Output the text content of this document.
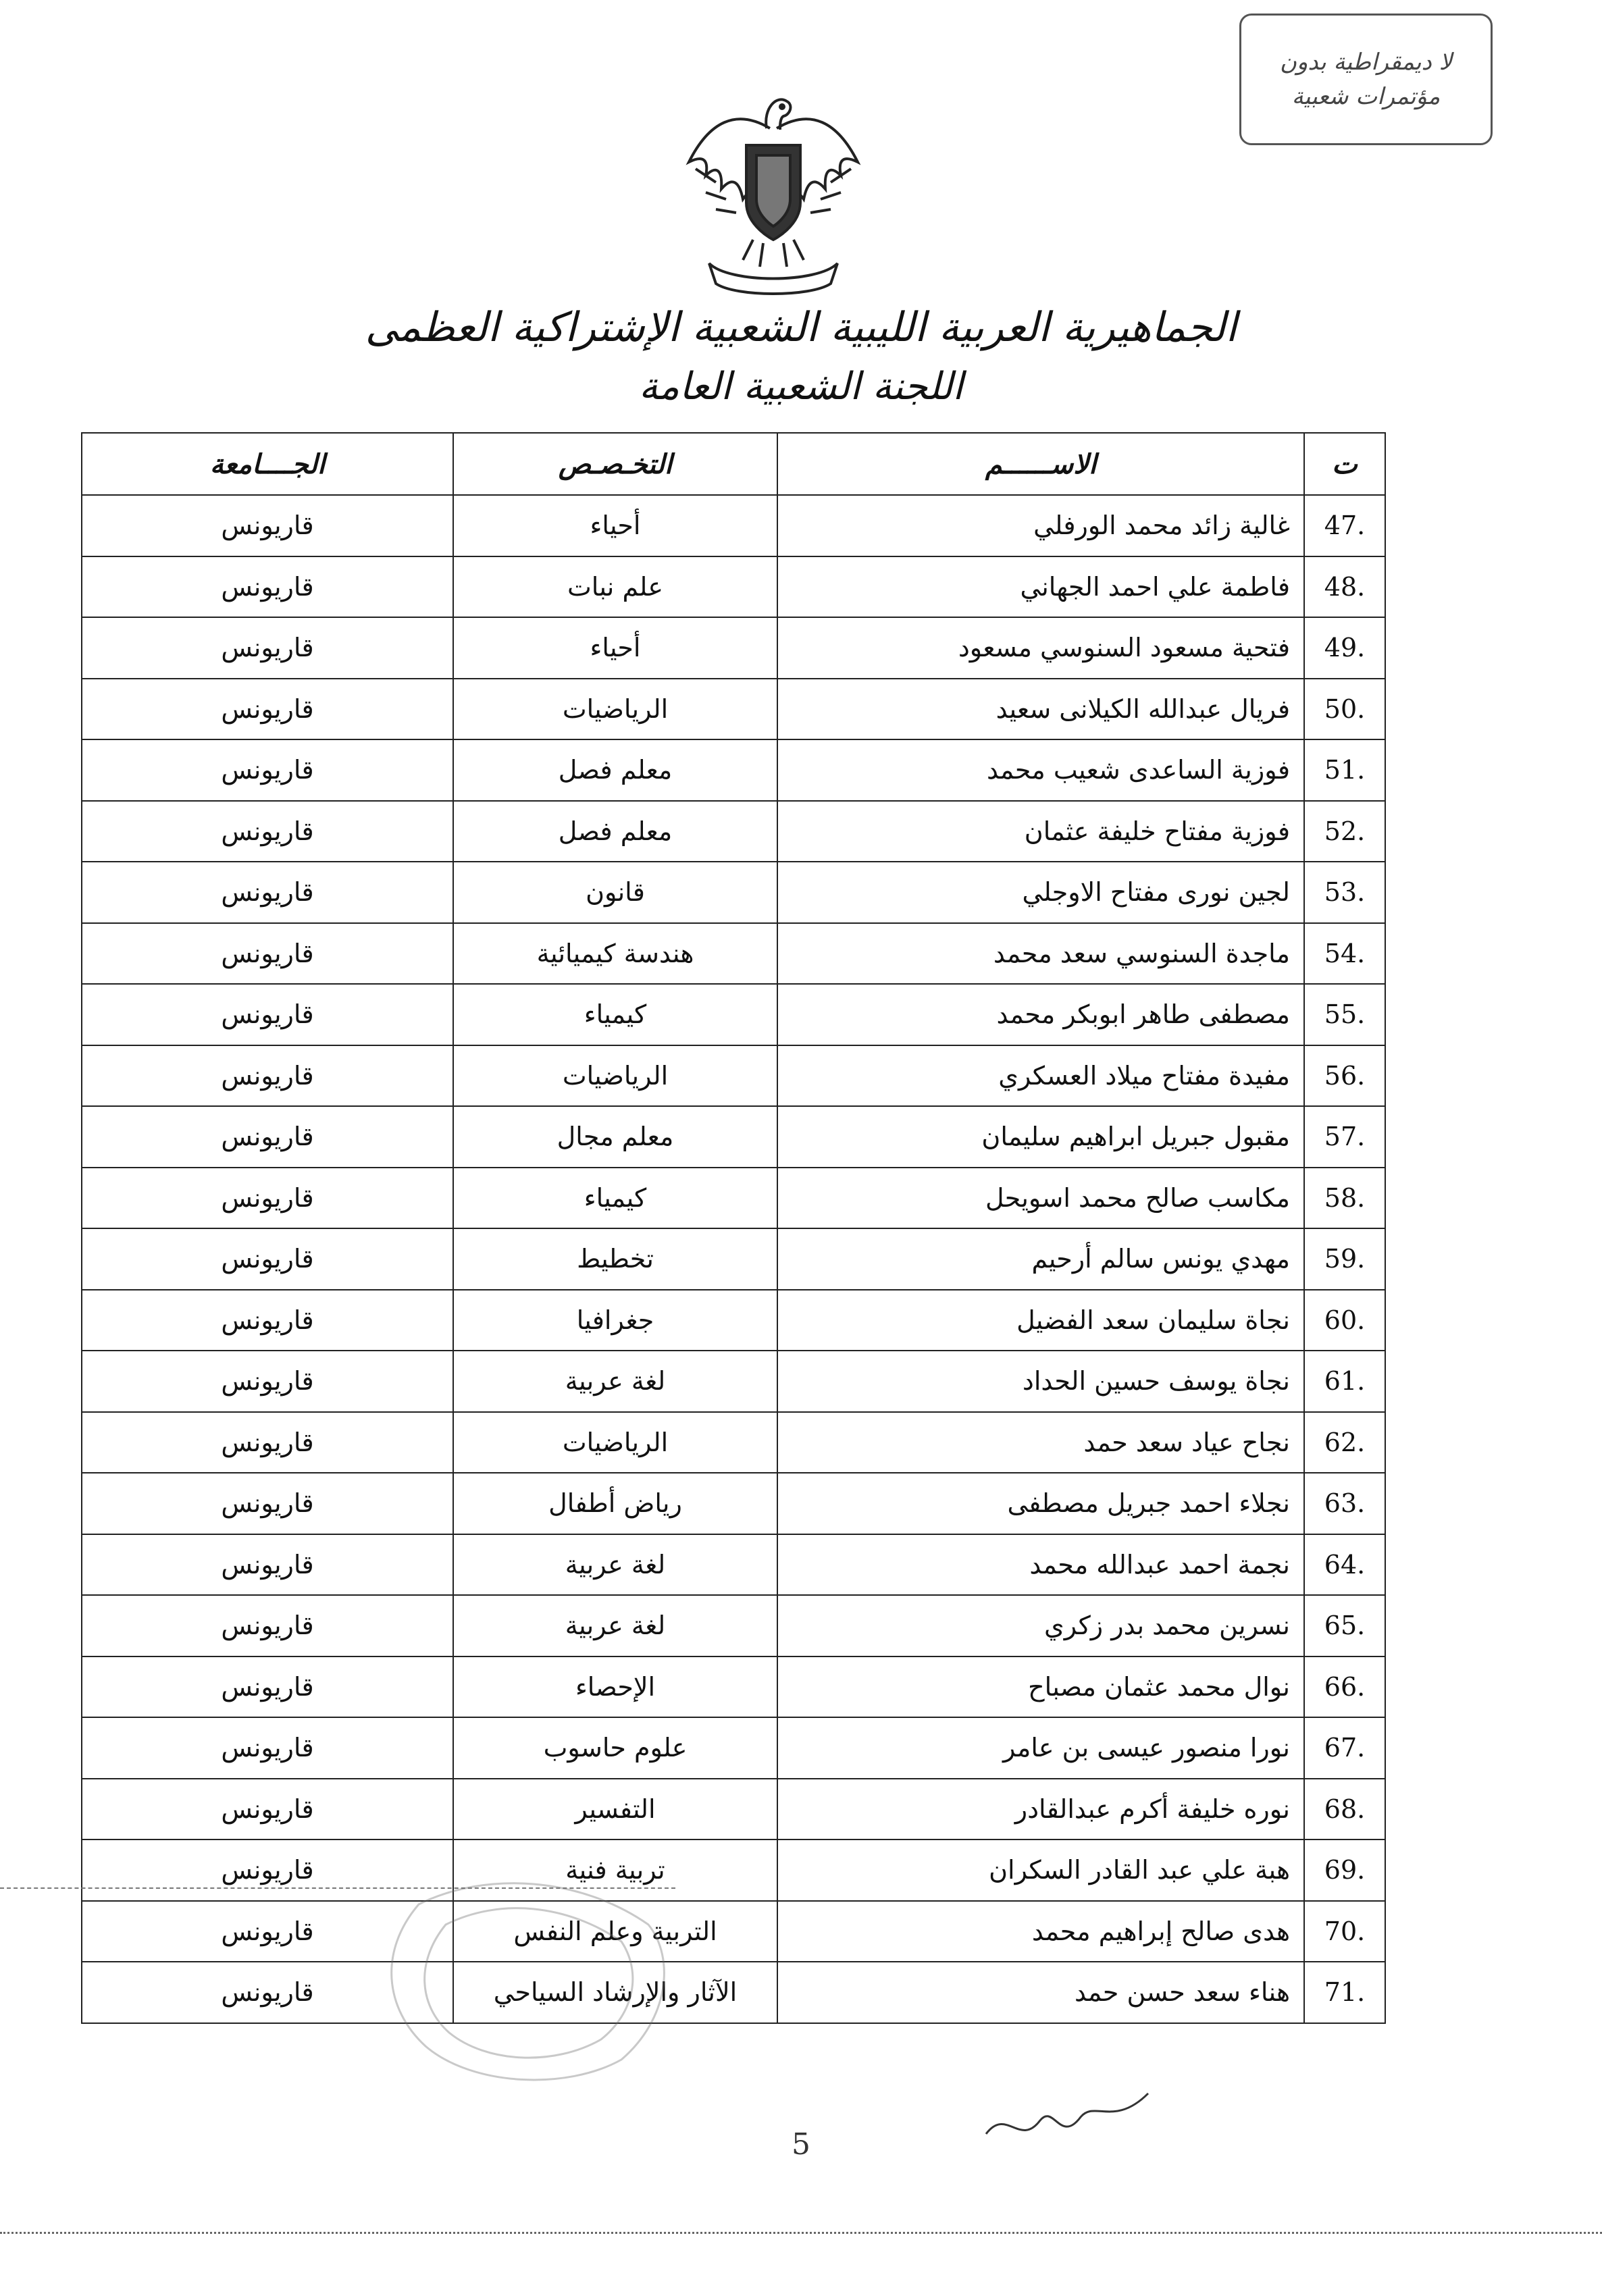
لا ديمقراطية بدون
مؤتمرات شعبية
الجماهيرية العربية الليبية الشعبية الإشتراكية العظمى
اللجنة الشعبية العامة
ت	الاســــــم	التخـصـص	الجــــامعة
.47	غالية زائد محمد الورفلي	أحياء	قاريونس
.48	فاطمة علي احمد الجهاني	علم نبات	قاريونس
.49	فتحية مسعود السنوسي مسعود	أحياء	قاريونس
.50	فريال عبدالله الكيلانى سعيد	الرياضيات	قاريونس
.51	فوزية الساعدى شعيب محمد	معلم فصل	قاريونس
.52	فوزية مفتاح خليفة عثمان	معلم فصل	قاريونس
.53	لجين نورى مفتاح الاوجلي	قانون	قاريونس
.54	ماجدة السنوسي سعد محمد	هندسة كيميائية	قاريونس
.55	مصطفى طاهر ابوبكر محمد	كيمياء	قاريونس
.56	مفيدة مفتاح ميلاد العسكري	الرياضيات	قاريونس
.57	مقبول جبريل ابراهيم سليمان	معلم مجال	قاريونس
.58	مكاسب صالح محمد اسويحل	كيمياء	قاريونس
.59	مهدي يونس سالم أرحيم	تخطيط	قاريونس
.60	نجاة سليمان سعد الفضيل	جغرافيا	قاريونس
.61	نجاة يوسف حسين الحداد	لغة عربية	قاريونس
.62	نجاح عياد سعد حمد	الرياضيات	قاريونس
.63	نجلاء احمد جبريل مصطفى	رياض أطفال	قاريونس
.64	نجمة احمد عبدالله محمد	لغة عربية	قاريونس
.65	نسرين محمد بدر زكري	لغة عربية	قاريونس
.66	نوال محمد عثمان مصباح	الإحصاء	قاريونس
.67	نورا منصور عيسى بن عامر	علوم حاسوب	قاريونس
.68	نوره خليفة أكرم عبدالقادر	التفسير	قاريونس
.69	هبة علي عبد القادر السكران	تربية فنية	قاريونس
.70	هدى صالح إبراهيم محمد	التربية وعلم النفس	قاريونس
.71	هناء سعد حسن حمد	الآثار والإرشاد السياحي	قاريونس
5
